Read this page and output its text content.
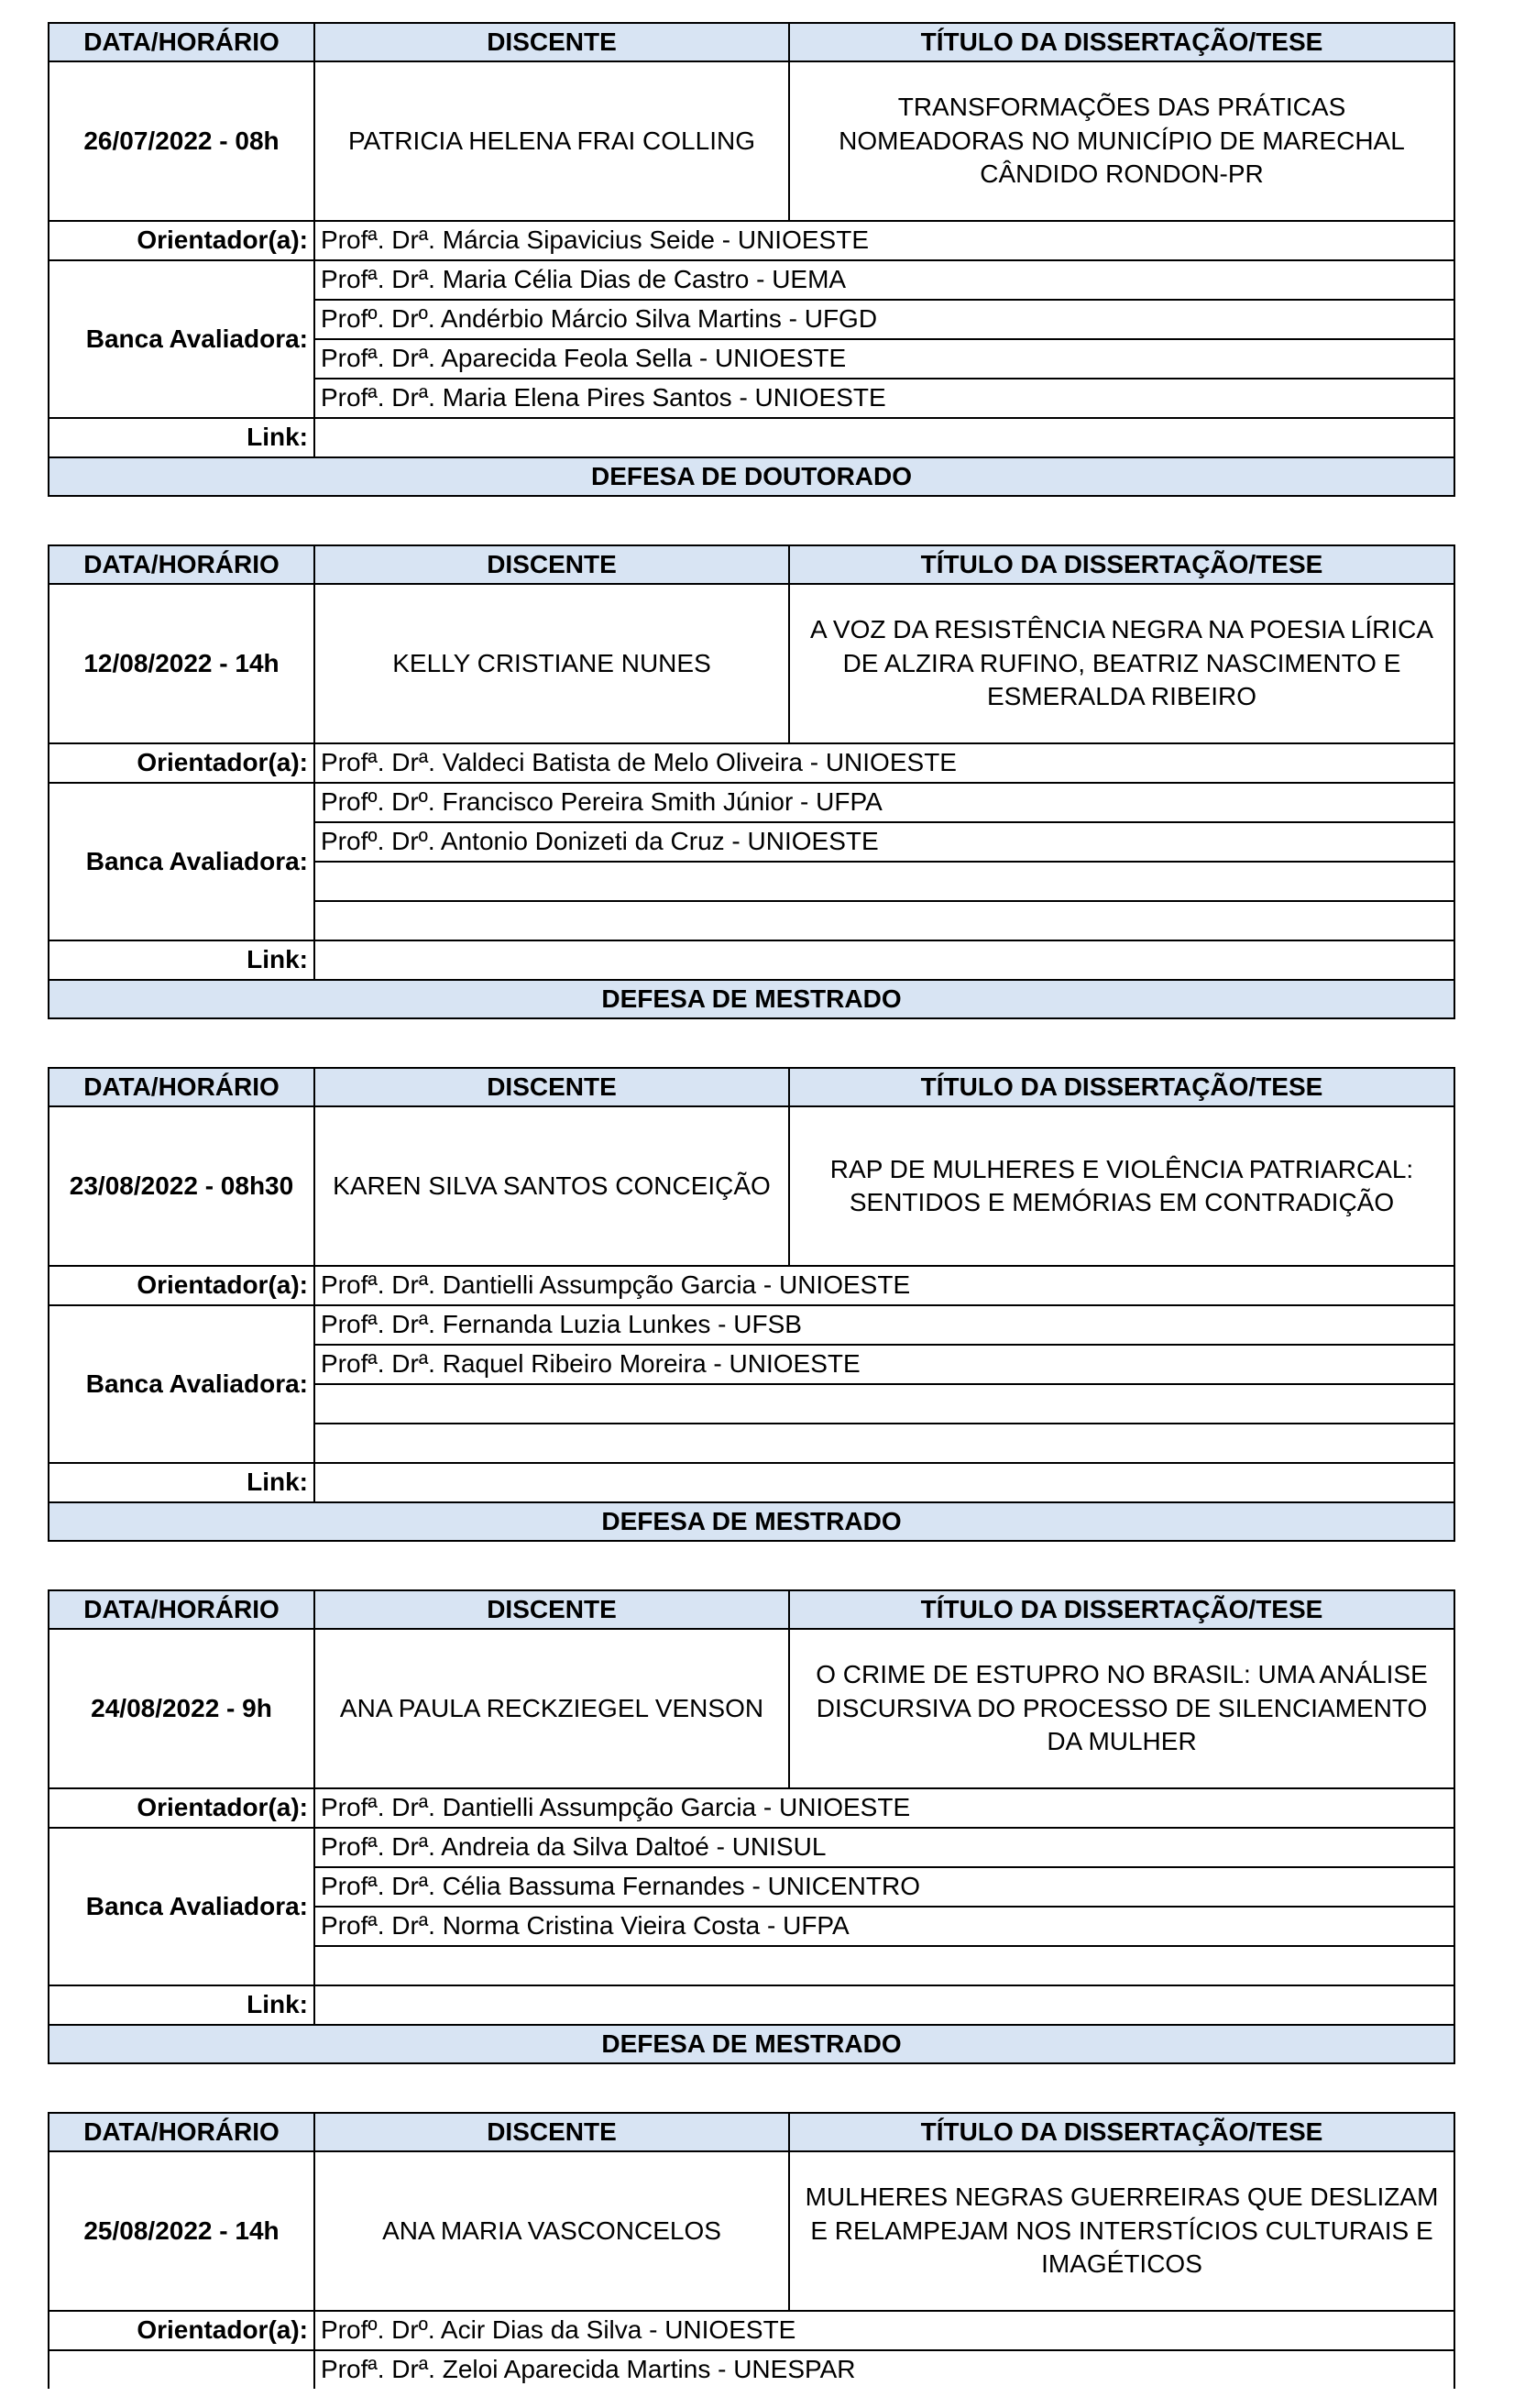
DATA/HORÁRIO	DISCENTE	TÍTULO DA DISSERTAÇÃO/TESE
26/07/2022 - 08h	PATRICIA HELENA FRAI COLLING	TRANSFORMAÇÕES DAS PRÁTICAS NOMEADORAS NO MUNICÍPIO DE MARECHAL CÂNDIDO RONDON-PR
Orientador(a):	Profª. Drª. Márcia Sipavicius Seide - UNIOESTE	
Banca Avaliadora:	Profª. Drª. Maria Célia Dias de Castro - UEMA	
	Profº. Drº. Andérbio Márcio Silva Martins - UFGD	
	Profª. Drª. Aparecida Feola Sella - UNIOESTE	
	Profª. Drª. Maria Elena Pires Santos - UNIOESTE	
Link:		
DEFESA DE DOUTORADO		
DATA/HORÁRIO	DISCENTE	TÍTULO DA DISSERTAÇÃO/TESE
12/08/2022 - 14h	KELLY CRISTIANE NUNES	A VOZ DA RESISTÊNCIA NEGRA NA POESIA LÍRICA DE ALZIRA RUFINO, BEATRIZ NASCIMENTO E ESMERALDA RIBEIRO
Orientador(a):	Profª. Drª. Valdeci Batista de Melo Oliveira - UNIOESTE	
Banca Avaliadora:	Profº. Drº. Francisco Pereira Smith Júnior - UFPA	
	Profº. Drº. Antonio Donizeti da Cruz - UNIOESTE	

Link:		
DEFESA DE MESTRADO		
DATA/HORÁRIO	DISCENTE	TÍTULO DA DISSERTAÇÃO/TESE
23/08/2022 - 08h30	KAREN SILVA SANTOS CONCEIÇÃO	RAP DE MULHERES E VIOLÊNCIA PATRIARCAL: SENTIDOS E MEMÓRIAS EM CONTRADIÇÃO
Orientador(a):	Profª. Drª. Dantielli Assumpção Garcia - UNIOESTE	
Banca Avaliadora:	Profª. Drª. Fernanda Luzia Lunkes - UFSB	
	Profª. Drª. Raquel Ribeiro Moreira - UNIOESTE	

Link:		
DEFESA DE MESTRADO		
DATA/HORÁRIO	DISCENTE	TÍTULO DA DISSERTAÇÃO/TESE
24/08/2022 - 9h	ANA PAULA RECKZIEGEL VENSON	O CRIME DE ESTUPRO NO BRASIL: UMA ANÁLISE DISCURSIVA DO PROCESSO DE SILENCIAMENTO DA MULHER
Orientador(a):	Profª. Drª. Dantielli Assumpção Garcia - UNIOESTE	
Banca Avaliadora:	Profª. Drª. Andreia da Silva Daltoé - UNISUL	
	Profª. Drª. Célia Bassuma Fernandes - UNICENTRO	
	Profª. Drª. Norma Cristina Vieira Costa - UFPA	

Link:		
DEFESA DE MESTRADO		
DATA/HORÁRIO	DISCENTE	TÍTULO DA DISSERTAÇÃO/TESE
25/08/2022 - 14h	ANA MARIA VASCONCELOS	MULHERES NEGRAS GUERREIRAS QUE DESLIZAM E RELAMPEJAM NOS INTERSTÍCIOS CULTURAIS E IMAGÉTICOS
Orientador(a):	Profº. Drº. Acir Dias da Silva - UNIOESTE	
	Profª. Drª. Zeloi Aparecida Martins - UNESPAR	
